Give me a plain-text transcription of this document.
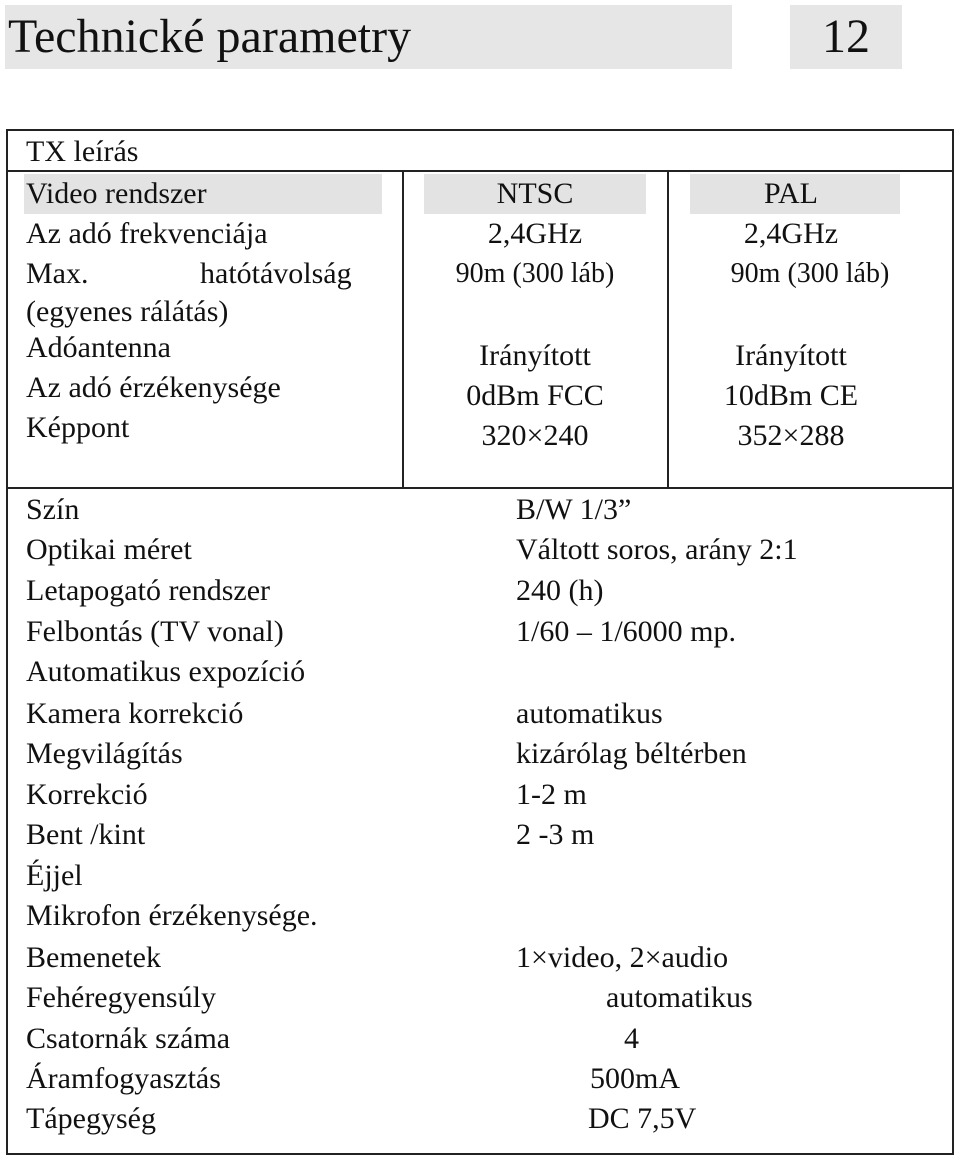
Technické parametry	12
TX leírás
Video rendszer
Az adó frekvenciája
Max.	hatótávolság
(egyenes rálátás)
Adóantenna
Az adó érzékenysége
Képpont
NTSC
2,4GHz
90m (300 láb)
Irányított
0dBm FCC
320×240
PAL
2,4GHz
90m (300 láb)
Irányított
10dBm CE
352×288
Szín
Optikai méret
Letapogató rendszer
Felbontás (TV vonal)
Automatikus expozíció
Kamera korrekció
Megvilágítás
Korrekció
Bent /kint
Éjjel
Mikrofon érzékenysége.
B/W 1/3”
Váltott soros, arány 2:1
240 (h)
1/60 – 1/6000 mp.
automatikus
kizárólag béltérben
1-2 m
2 -3 m
Bemenetek
Fehéregyensúly
Csatornák száma
Áramfogyasztás
Tápegység
1×video, 2×audio
automatikus
4
500mA
DC 7,5V
